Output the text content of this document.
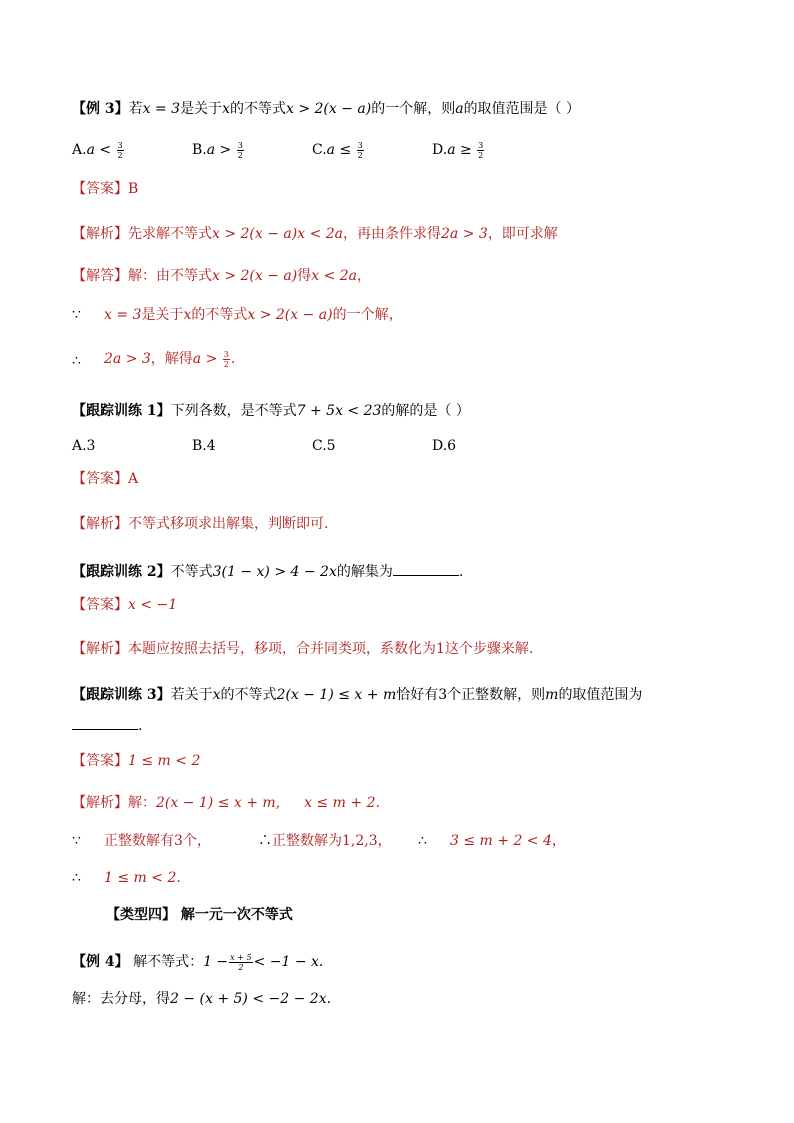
【例 3】若x = 3是关于x的不等式x > 2(x − a)的一个解，则a的取值范围是（ ）
$A.a < \frac{3}{2}$	$B.a > \frac{3}{2}$	$C.a \le \frac{3}{2}$	$D.a \ge \frac{3}{2}$
【答案】B
【解析】先求解不等式x > 2(x − a)x < 2a，再由条件求得2a > 3，即可求解
【解答】解：由不等式x > 2(x − a)得x < 2a，
∵ x = 3是关于x的不等式x > 2(x − a)的一个解，
∴ 2a > 3，解得$a > \frac{3}{2}$ .
【跟踪训练 1】下列各数，是不等式7 + 5x < 23的解的是（ ）
A.3	B.4	C.5	D.6
【答案】A
【解析】不等式移项求出解集，判断即可.
【跟踪训练 2】不等式3(1 − x) > 4 − 2x的解集为	.
【答案】x < −1
【解析】本题应按照去括号，移项，合并同类项，系数化为1这个步骤来解.
【跟踪训练 3】若关于x的不等式2(x − 1) ≤ x + m恰好有3个正整数解，则m的取值范围为
.
【答案】1 ≤ m < 2
【解析】解：2(x − 1) ≤ x + m, x ≤ m + 2.
∵ 正整数解有3个，	∴正整数解为1,2,3， ∴ 3 ≤ m + 2 < 4，
∴ 1 ≤ m < 2.
【类型四】 解一元一次不等式
【例 4】 解不等式：$1 - \frac{x + 5}{2} < -1 - x$.
解：去分母，得2 − (x + 5) < −2 − 2x.
